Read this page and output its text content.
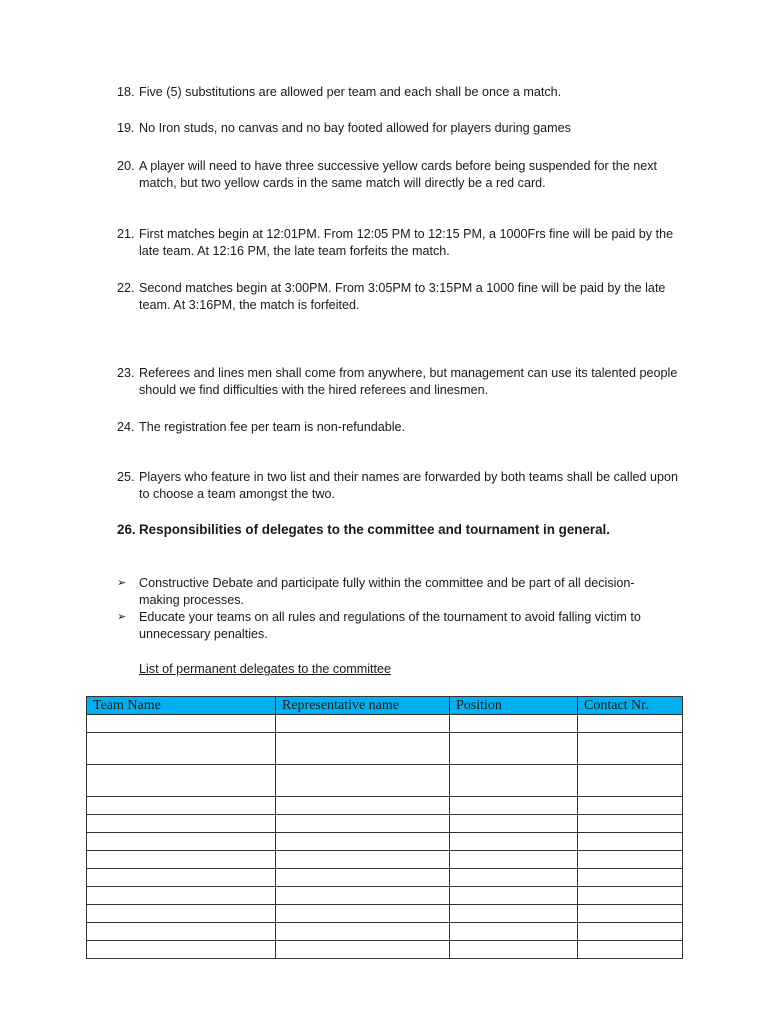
18. Five (5) substitutions are allowed per team and each shall be once a match.
19. No Iron studs, no canvas and no bay footed allowed for players during games
20. A player will need to have three successive yellow cards before being suspended for the next match, but two yellow cards in the same match will directly be a red card.
21. First matches begin at 12:01PM. From 12:05 PM to 12:15 PM, a 1000Frs fine will be paid by the late team. At 12:16 PM, the late team forfeits the match.
22. Second matches begin at 3:00PM. From 3:05PM to 3:15PM a 1000 fine will be paid by the late team. At 3:16PM, the match is forfeited.
23. Referees and lines men shall come from anywhere, but management can use its talented people should we find difficulties with the hired referees and linesmen.
24. The registration fee per team is non-refundable.
25. Players who feature in two list and their names are forwarded by both teams shall be called upon to choose a team amongst the two.
26. Responsibilities of delegates to the committee and tournament in general.
➢ Constructive Debate and participate fully within the committee and be part of all decision-making processes.
➢ Educate your teams on all rules and regulations of the tournament to avoid falling victim to unnecessary penalties.
List of permanent delegates to the committee
Team Name	Representative name	Position	Contact Nr.
